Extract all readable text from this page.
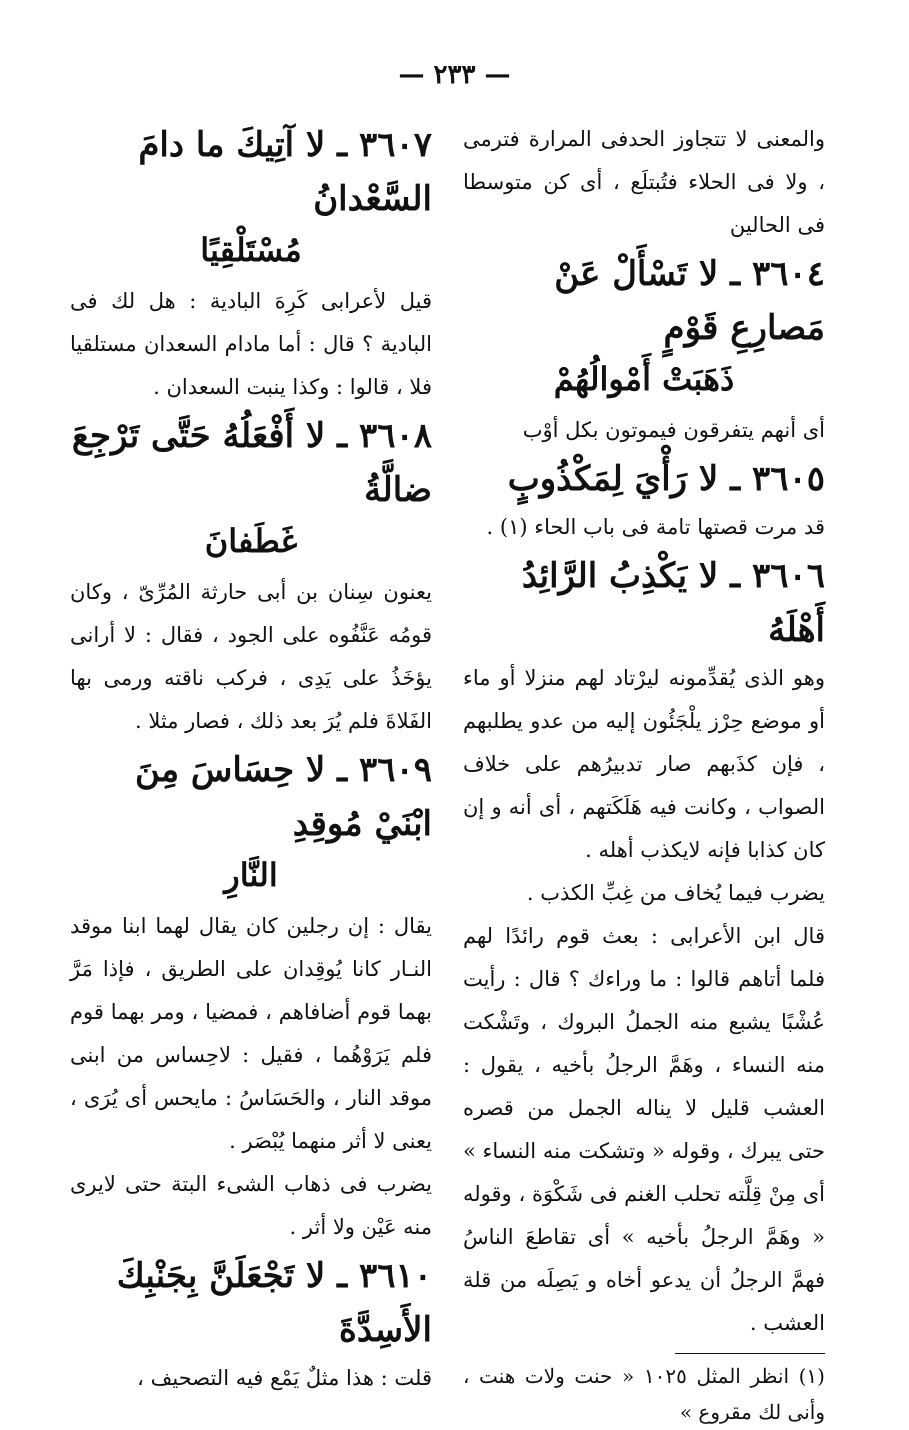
— ٢٣٣ —

والمعنى لا تتجاوز الحدفى المرارة فترمى ، ولا فى الحلاء فتُبتلَع ، أى كن متوسطا فى الحالين

٣٦٠٤ ـ لا تَسْأَلْ عَنْ مَصارِعِ قَوْمٍ

ذَهَبَتْ أَمْوالُهُمْ

أى أنهم يتفرقون فيموتون بكل أوْب

٣٦٠٥ ـ لا رَأْيَ لِمَكْذُوبٍ

قد مرت قصتها تامة فى باب الحاء (١) .

٣٦٠٦ ـ لا يَكْذِبُ الرَّائِدُ أَهْلَهُ

وهو الذى يُقدِّمونه ليرْتاد لهم منزلا أو ماء أو موضع حِرْز يلْجَئُون إليه من عدو يطلبهم ، فإن كذَبهم صار تدبيرُهم على خلاف الصواب ، وكانت فيه هَلَكَتهم ، أى أنه و إن كان كذابا فإنه لايكذب أهله .

يضرب فيما يُخاف من غِبِّ الكذب .

قال ابن الأعرابى : بعث قوم رائدًا لهم فلما أتاهم قالوا : ما وراءك ؟ قال : رأيت عُشْبًا يشبع منه الجملُ البروك ، وتَشْكت منه النساء ، وهَمَّ الرجلُ بأخيه ، يقول : العشب قليل لا يناله الجمل من قصره حتى يبرك ، وقوله « وتشكت منه النساء » أى مِنْ قِلَّته تحلب الغنم فى شَكْوَة ، وقوله « وهَمَّ الرجلُ بأخيه » أى تقاطعَ الناسُ فهمَّ الرجلُ أن يدعو أخاه و يَصِلَه من قلة العشب .

(١) انظر المثل ١٠٢٥ « حنت ولات هنت ، وأنى لك مقروع »

٣٦٠٧ ـ لا آتِيكَ ما دامَ السَّعْدانُ

مُسْتَلْقِيًا

قيل لأعرابى كَرِهَ البادية : هل لك فى البادية ؟ قال : أما مادام السعدان مستلقيا فلا ، قالوا : وكذا ينبت السعدان .

٣٦٠٨ ـ لا أَفْعَلُهُ حَتَّى تَرْجِعَ ضالَّةُ

غَطَفانَ

يعنون سِنان بن أبى حارثة المُرِّىّ ، وكان قومُه عَنَّفُوه على الجود ، فقال : لا أرانى يؤخَذُ على يَدِى ، فركب ناقته ورمى بها الفَلاةَ فلم يُرَ بعد ذلك ، فصار مثلا .

٣٦٠٩ ـ لا حِسَاسَ مِنَ ابْنَيْ مُوقِدِ

النَّارِ

يقال : إن رجلين كان يقال لهما ابنا موقد النـار كانا يُوقِدان على الطريق ، فإذا مَرَّ بهما قوم أضافاهم ، فمضيا ، ومر بهما قوم فلم يَرَوْهُما ، فقيل : لاحِساس من ابنى موقد النار ، والحَسَاسُ : مايحس أى يُرَى ، يعنى لا أثر منهما يُبْصَر .

يضرب فى ذهاب الشىء البتة حتى لايرى منه عَيْن ولا أثر .

٣٦١٠ ـ لا تَجْعَلَنَّ بِجَنْبِكَ الأَسِدَّةَ

قلت : هذا مثلٌ يَمْع فيه التصحيف ،
